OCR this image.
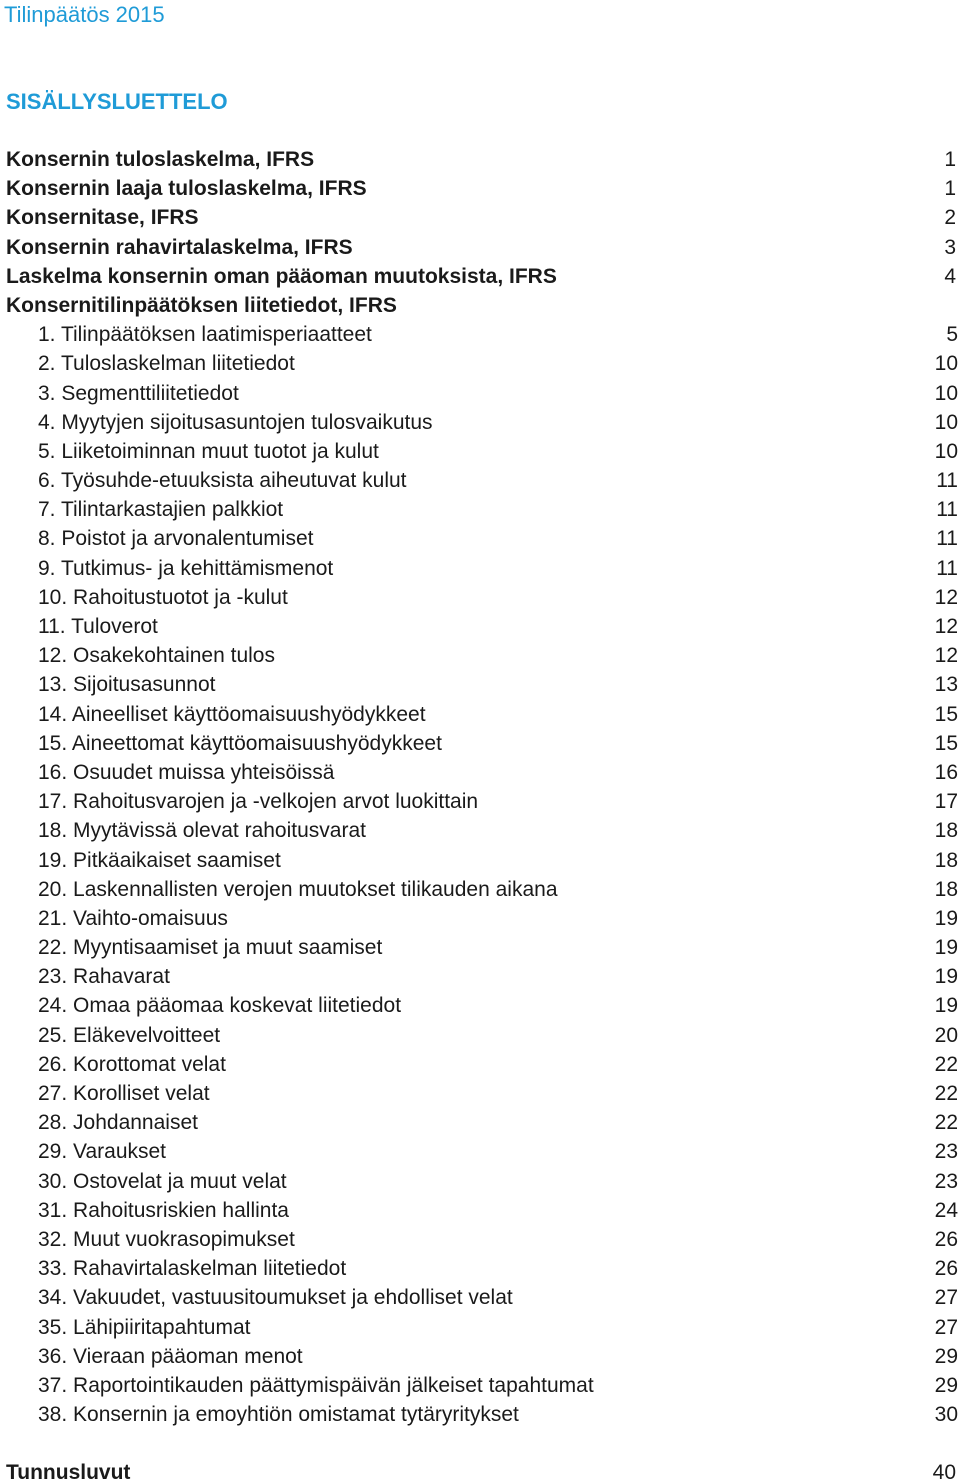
Tilinpäätös 2015
SISÄLLYSLUETTELO
Konsernin tuloslaskelma, IFRS	1
Konsernin laaja tuloslaskelma, IFRS	1
Konsernitase, IFRS	2
Konsernin rahavirtalaskelma, IFRS	3
Laskelma konsernin oman pääoman muutoksista, IFRS	4
Konsernitilinpäätöksen liitetiedot, IFRS
1. Tilinpäätöksen laatimisperiaatteet	5
2. Tuloslaskelman liitetiedot	10
3. Segmenttiliitetiedot	10
4. Myytyjen sijoitusasuntojen tulosvaikutus	10
5. Liiketoiminnan muut tuotot ja kulut	10
6. Työsuhde-etuuksista aiheutuvat kulut	11
7. Tilintarkastajien palkkiot	11
8. Poistot ja arvonalentumiset	11
9. Tutkimus- ja kehittämismenot	11
10. Rahoitustuotot ja -kulut	12
11. Tuloverot	12
12. Osakekohtainen tulos	12
13. Sijoitusasunnot	13
14. Aineelliset käyttöomaisuushyödykkeet	15
15. Aineettomat käyttöomaisuushyödykkeet	15
16. Osuudet muissa yhteisöissä	16
17. Rahoitusvarojen ja -velkojen arvot luokittain	17
18. Myytävissä olevat rahoitusvarat	18
19. Pitkäaikaiset saamiset	18
20. Laskennallisten verojen muutokset tilikauden aikana	18
21. Vaihto-omaisuus	19
22. Myyntisaamiset ja muut saamiset	19
23. Rahavarat	19
24. Omaa pääomaa koskevat liitetiedot	19
25. Eläkevelvoitteet	20
26. Korottomat velat	22
27. Korolliset velat	22
28. Johdannaiset	22
29. Varaukset	23
30. Ostovelat ja muut velat	23
31. Rahoitusriskien hallinta	24
32. Muut vuokrasopimukset	26
33. Rahavirtalaskelman liitetiedot	26
34. Vakuudet, vastuusitoumukset ja ehdolliset velat	27
35. Lähipiiritapahtumat	27
36. Vieraan pääoman menot	29
37. Raportointikauden päättymispäivän jälkeiset tapahtumat	29
38. Konsernin ja emoyhtiön omistamat tytäryritykset	30
Tunnusluvut	40
